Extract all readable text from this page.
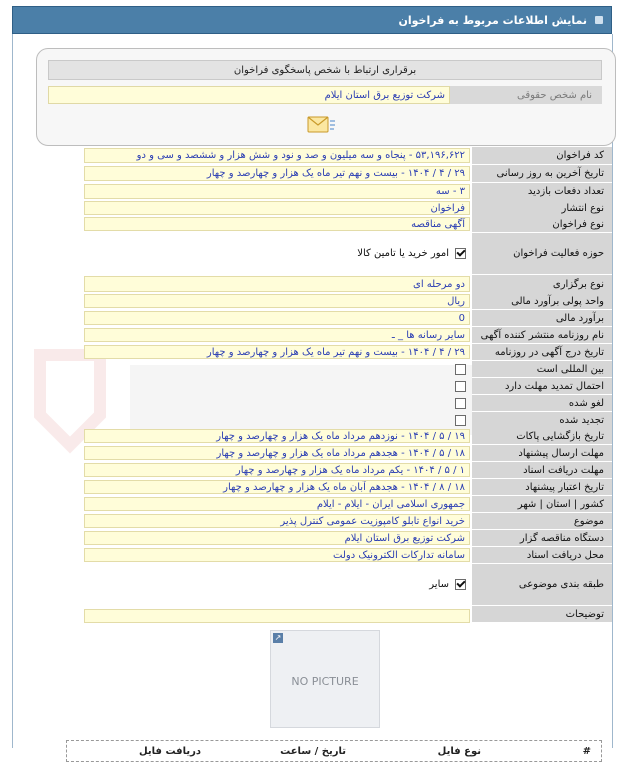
نمایش اطلاعات مربوط به فراخوان
برقراری ارتباط با شخص پاسخگوی فراخوان
نام شخص حقوقی
شرکت توزیع برق استان ایلام
کد فراخوان
۵۳,۱۹۶,۶۲۲ - پنجاه و سه میلیون و صد و نود و شش هزار و ششصد و سی و دو
تاریخ آخرین به روز رسانی
۲۹ / ۴ / ۱۴۰۴ - بیست و نهم تیر ماه یک هزار و چهارصد و چهار
تعداد دفعات بازدید
۳ - سه
نوع انتشار
فراخوان
نوع فراخوان
آگهی مناقصه
حوزه فعالیت فراخوان
امور خرید یا تامین کالا
نوع برگزاری
دو مرحله ای
واحد پولی برآورد مالی
ریال
برآورد مالی
0
نام روزنامه منتشر کننده آگهی
سایر رسانه ها _ ـ
تاریخ درج آگهی در روزنامه
۲۹ / ۴ / ۱۴۰۴ - بیست و نهم تیر ماه یک هزار و چهارصد و چهار
بین المللی است
احتمال تمدید مهلت دارد
لغو شده
تجدید شده
تاریخ بازگشایی پاکات
۱۹ / ۵ / ۱۴۰۴ - نوزدهم مرداد ماه یک هزار و چهارصد و چهار
مهلت ارسال پیشنهاد
۱۸ / ۵ / ۱۴۰۴ - هجدهم مرداد ماه یک هزار و چهارصد و چهار
مهلت دریافت اسناد
۱ / ۵ / ۱۴۰۴ - یکم مرداد ماه یک هزار و چهارصد و چهار
تاریخ اعتبار پیشنهاد
۱۸ / ۸ / ۱۴۰۴ - هجدهم آبان ماه یک هزار و چهارصد و چهار
کشور | استان | شهر
جمهوری اسلامی ایران - ایلام - ایلام
موضوع
خرید انواع تابلو کامپوزیت عمومی کنترل پذیر
دستگاه مناقصه گزار
شرکت توزیع برق استان ایلام
محل دریافت اسناد
سامانه تدارکات الکترونیک دولت
طبقه بندی موضوعی
سایر
توضیحات
↗
NO PICTURE
#
نوع فایل
تاریخ / ساعت
دریافت فایل
